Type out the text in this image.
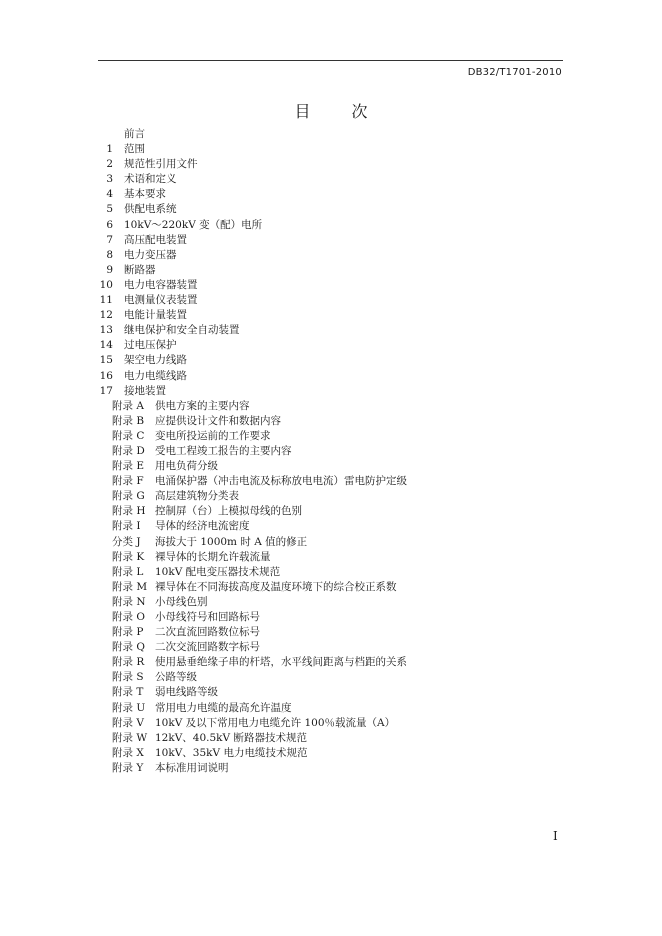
DB32/T1701-2010
目 次
前言
1 范围
2 规范性引用文件
3 术语和定义
4 基本要求
5 供配电系统
6 10kV～220kV 变（配）电所
7 高压配电装置
8 电力变压器
9 断路器
10 电力电容器装置
11 电测量仪表装置
12 电能计量装置
13 继电保护和安全自动装置
14 过电压保护
15 架空电力线路
16 电力电缆线路
17 接地装置
附录 A	供电方案的主要内容
附录 B	应提供设计文件和数据内容
附录 C	变电所投运前的工作要求
附录 D 受电工程竣工报告的主要内容
附录 E	用电负荷分级
附录 F	电涌保护器（冲击电流及标称放电电流）雷电防护定级
附录 G 高层建筑物分类表
附录 H 控制屏（台）上模拟母线的色别
附录 I	导体的经济电流密度
分类 J	海拔大于 1000m 时 A 值的修正
附录 K	裸导体的长期允许载流量
附录 L	10kV 配电变压器技术规范
附录 M 裸导体在不同海拔高度及温度环境下的综合校正系数
附录 N 小母线色别
附录 O 小母线符号和回路标号
附录 P	二次直流回路数位标号
附录 Q 二次交流回路数字标号
附录 R	使用悬垂绝缘子串的杆塔，水平线间距离与档距的关系
附录 S	公路等级
附录 T	弱电线路等级
附录 U 常用电力电缆的最高允许温度
附录 V	10kV 及以下常用电力电缆允许 100％载流量（A）
附录 W 12kV、40.5kV 断路器技术规范
附录 X	10kV、35kV 电力电缆技术规范
附录 Y	本标准用词说明
I
